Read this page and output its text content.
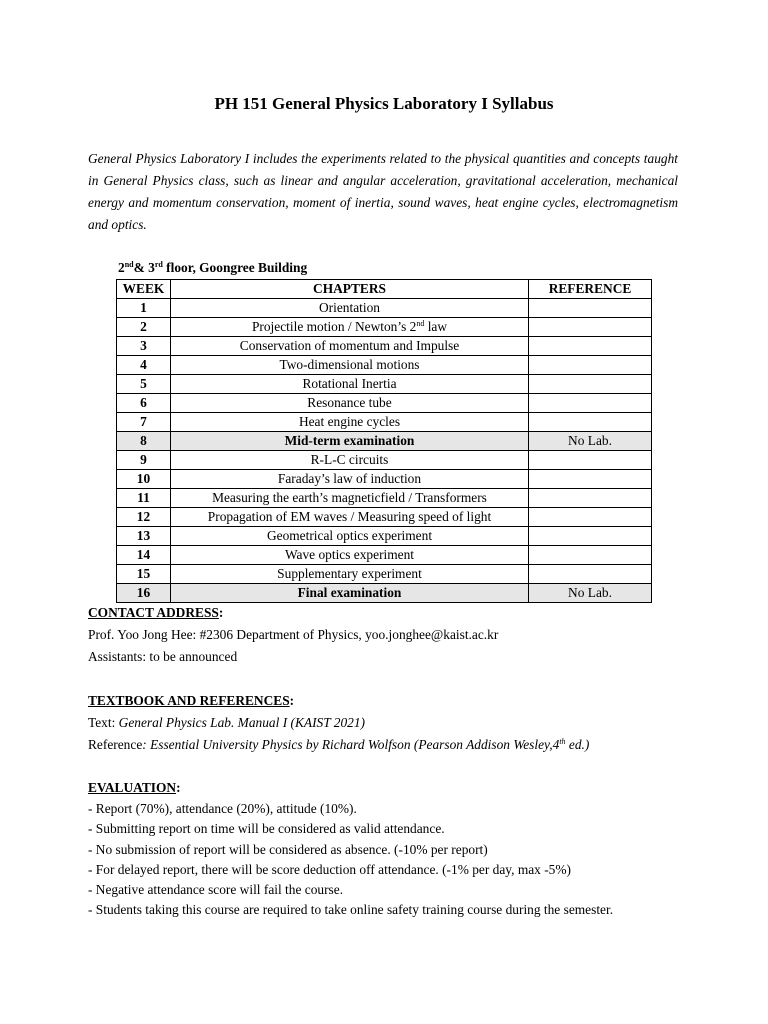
PH 151 General Physics Laboratory I Syllabus
General Physics Laboratory I includes the experiments related to the physical quantities and concepts taught in General Physics class, such as linear and angular acceleration, gravitational acceleration, mechanical energy and momentum conservation, moment of inertia, sound waves, heat engine cycles, electromagnetism and optics.
2nd& 3rd floor, Goongree Building
WEEK	CHAPTERS	REFERENCE
1	Orientation	
2	Projectile motion / Newton’s 2nd law	
3	Conservation of momentum and Impulse	
4	Two-dimensional motions	
5	Rotational Inertia	
6	Resonance tube	
7	Heat engine cycles	
8	Mid-term examination	No Lab.
9	R-L-C circuits	
10	Faraday’s law of induction	
11	Measuring the earth’s magneticfield / Transformers	
12	Propagation of EM waves / Measuring speed of light	
13	Geometrical optics experiment	
14	Wave optics experiment	
15	Supplementary experiment	
16	Final examination	No Lab.
CONTACT ADDRESS:
Prof. Yoo Jong Hee: #2306 Department of Physics, yoo.jonghee@kaist.ac.kr
Assistants: to be announced
TEXTBOOK AND REFERENCES:
Text: General Physics Lab. Manual I (KAIST 2021)
Reference: Essential University Physics by Richard Wolfson (Pearson Addison Wesley,4th ed.)
EVALUATION:
- Report (70%), attendance (20%), attitude (10%).
- Submitting report on time will be considered as valid attendance.
- No submission of report will be considered as absence. (-10% per report)
- For delayed report, there will be score deduction off attendance. (-1% per day, max -5%)
- Negative attendance score will fail the course.
- Students taking this course are required to take online safety training course during the semester.
